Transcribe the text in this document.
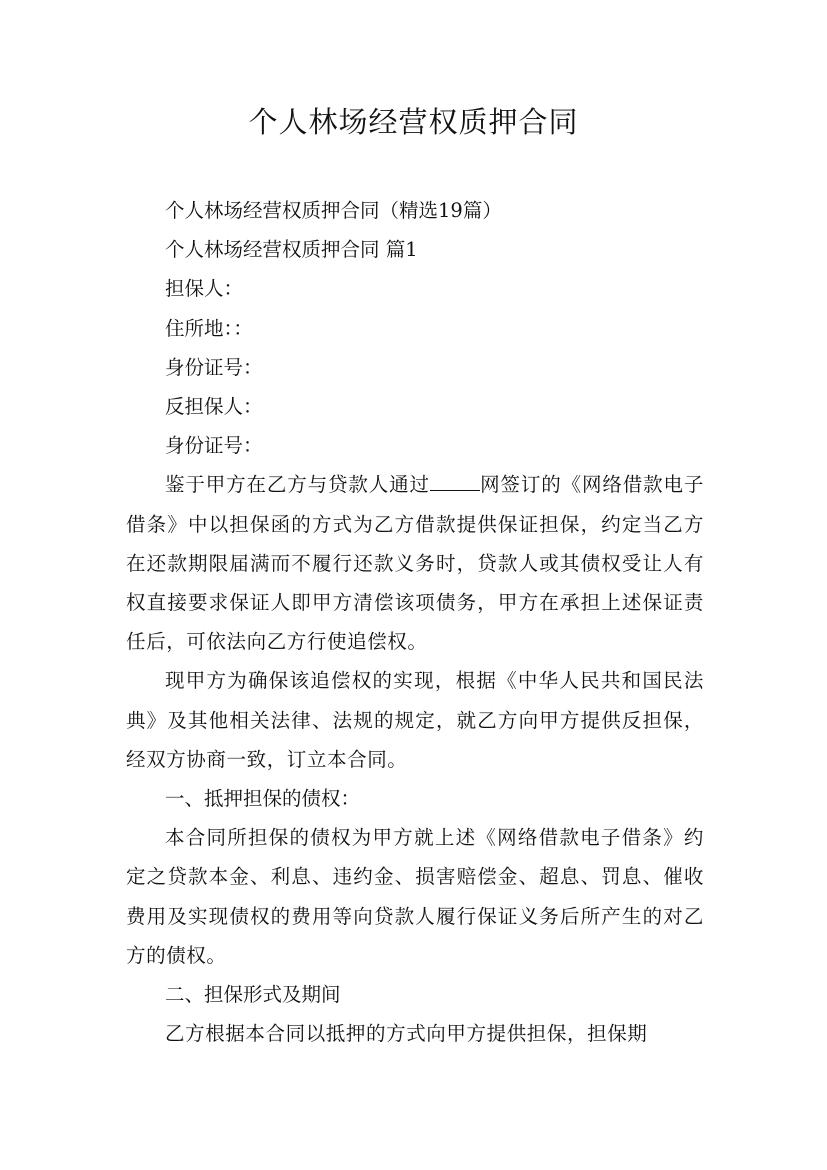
个人林场经营权质押合同

个人林场经营权质押合同（精选19篇）

个人林场经营权质押合同 篇1

担保人：

住所地：：

身份证号：

反担保人：

身份证号：

鉴于甲方在乙方与贷款人通过	网签订的《网络借款电子借条》中以担保函的方式为乙方借款提供保证担保，约定当乙方在还款期限届满而不履行还款义务时，贷款人或其债权受让人有权直接要求保证人即甲方清偿该项债务，甲方在承担上述保证责任后，可依法向乙方行使追偿权。

现甲方为确保该追偿权的实现，根据《中华人民共和国民法典》及其他相关法律、法规的规定，就乙方向甲方提供反担保，经双方协商一致，订立本合同。

一、抵押担保的债权：

本合同所担保的债权为甲方就上述《网络借款电子借条》约定之贷款本金、利息、违约金、损害赔偿金、超息、罚息、催收费用及实现债权的费用等向贷款人履行保证义务后所产生的对乙方的债权。

二、担保形式及期间

乙方根据本合同以抵押的方式向甲方提供担保，担保期
